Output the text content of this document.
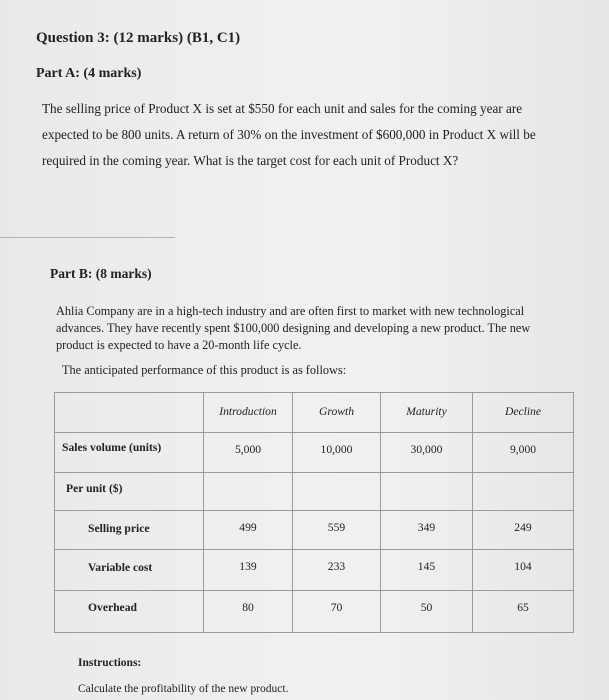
Question 3: (12 marks) (B1, C1)
Part A: (4 marks)
The selling price of Product X is set at $550 for each unit and sales for the coming year are expected to be 800 units. A return of 30% on the investment of $600,000 in Product X will be required in the coming year. What is the target cost for each unit of Product X?
Part B: (8 marks)
Ahlia Company are in a high-tech industry and are often first to market with new technological advances. They have recently spent $100,000 designing and developing a new product. The new product is expected to have a 20-month life cycle.
The anticipated performance of this product is as follows:
	Introduction	Growth	Maturity	Decline
Sales volume (units)	5,000	10,000	30,000	9,000
Per unit ($)				
Selling price	499	559	349	249
Variable cost	139	233	145	104
Overhead	80	70	50	65
Instructions:
Calculate the profitability of the new product.
